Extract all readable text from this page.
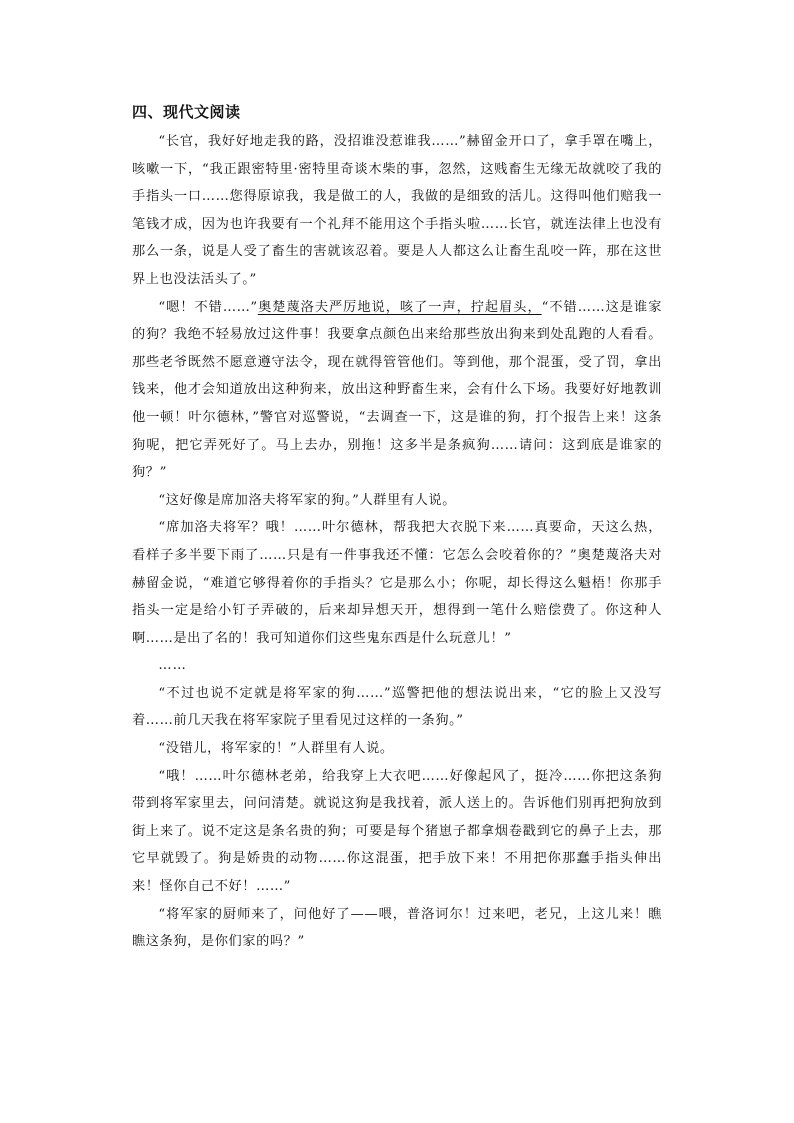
四、现代文阅读

“长官，我好好地走我的路，没招谁没惹谁我……”赫留金开口了，拿手罩在嘴上，咳嗽一下，“我正跟密特里·密特里奇谈木柴的事，忽然，这贱畜生无缘无故就咬了我的手指头一口……您得原谅我，我是做工的人，我做的是细致的活儿。这得叫他们赔我一笔钱才成，因为也许我要有一个礼拜不能用这个手指头啦……长官，就连法律上也没有那么一条，说是人受了畜生的害就该忍着。要是人人都这么让畜生乱咬一阵，那在这世界上也没法活头了。”

“嗯！不错……”奥楚蔑洛夫严厉地说，咳了一声，拧起眉头，“不错……这是谁家的狗？我绝不轻易放过这件事！我要拿点颜色出来给那些放出狗来到处乱跑的人看看。那些老爷既然不愿意遵守法令，现在就得管管他们。等到他，那个混蛋，受了罚，拿出钱来，他才会知道放出这种狗来，放出这种野畜生来，会有什么下场。我要好好地教训他一顿！叶尔德林，”警官对巡警说，“去调查一下，这是谁的狗，打个报告上来！这条狗呢，把它弄死好了。马上去办，别拖！这多半是条疯狗……请问：这到底是谁家的狗？”

“这好像是席加洛夫将军家的狗。”人群里有人说。

“席加洛夫将军？哦！……叶尔德林，帮我把大衣脱下来……真要命，天这么热，看样子多半要下雨了……只是有一件事我还不懂：它怎么会咬着你的？”奥楚蔑洛夫对赫留金说，“难道它够得着你的手指头？它是那么小；你呢，却长得这么魁梧！你那手指头一定是给小钉子弄破的，后来却异想天开，想得到一笔什么赔偿费了。你这种人啊……是出了名的！我可知道你们这些鬼东西是什么玩意儿！”

……

“不过也说不定就是将军家的狗……”巡警把他的想法说出来，“它的脸上又没写着……前几天我在将军家院子里看见过这样的一条狗。”

“没错儿，将军家的！”人群里有人说。

“哦！……叶尔德林老弟，给我穿上大衣吧……好像起风了，挺冷……你把这条狗带到将军家里去，问问清楚。就说这狗是我找着，派人送上的。告诉他们别再把狗放到街上来了。说不定这是条名贵的狗；可要是每个猪崽子都拿烟卷戳到它的鼻子上去，那它早就毁了。狗是娇贵的动物……你这混蛋，把手放下来！不用把你那蠢手指头伸出来！怪你自己不好！……”

“将军家的厨师来了，问他好了——喂，普洛诃尔！过来吧，老兄，上这儿来！瞧瞧这条狗，是你们家的吗？”
